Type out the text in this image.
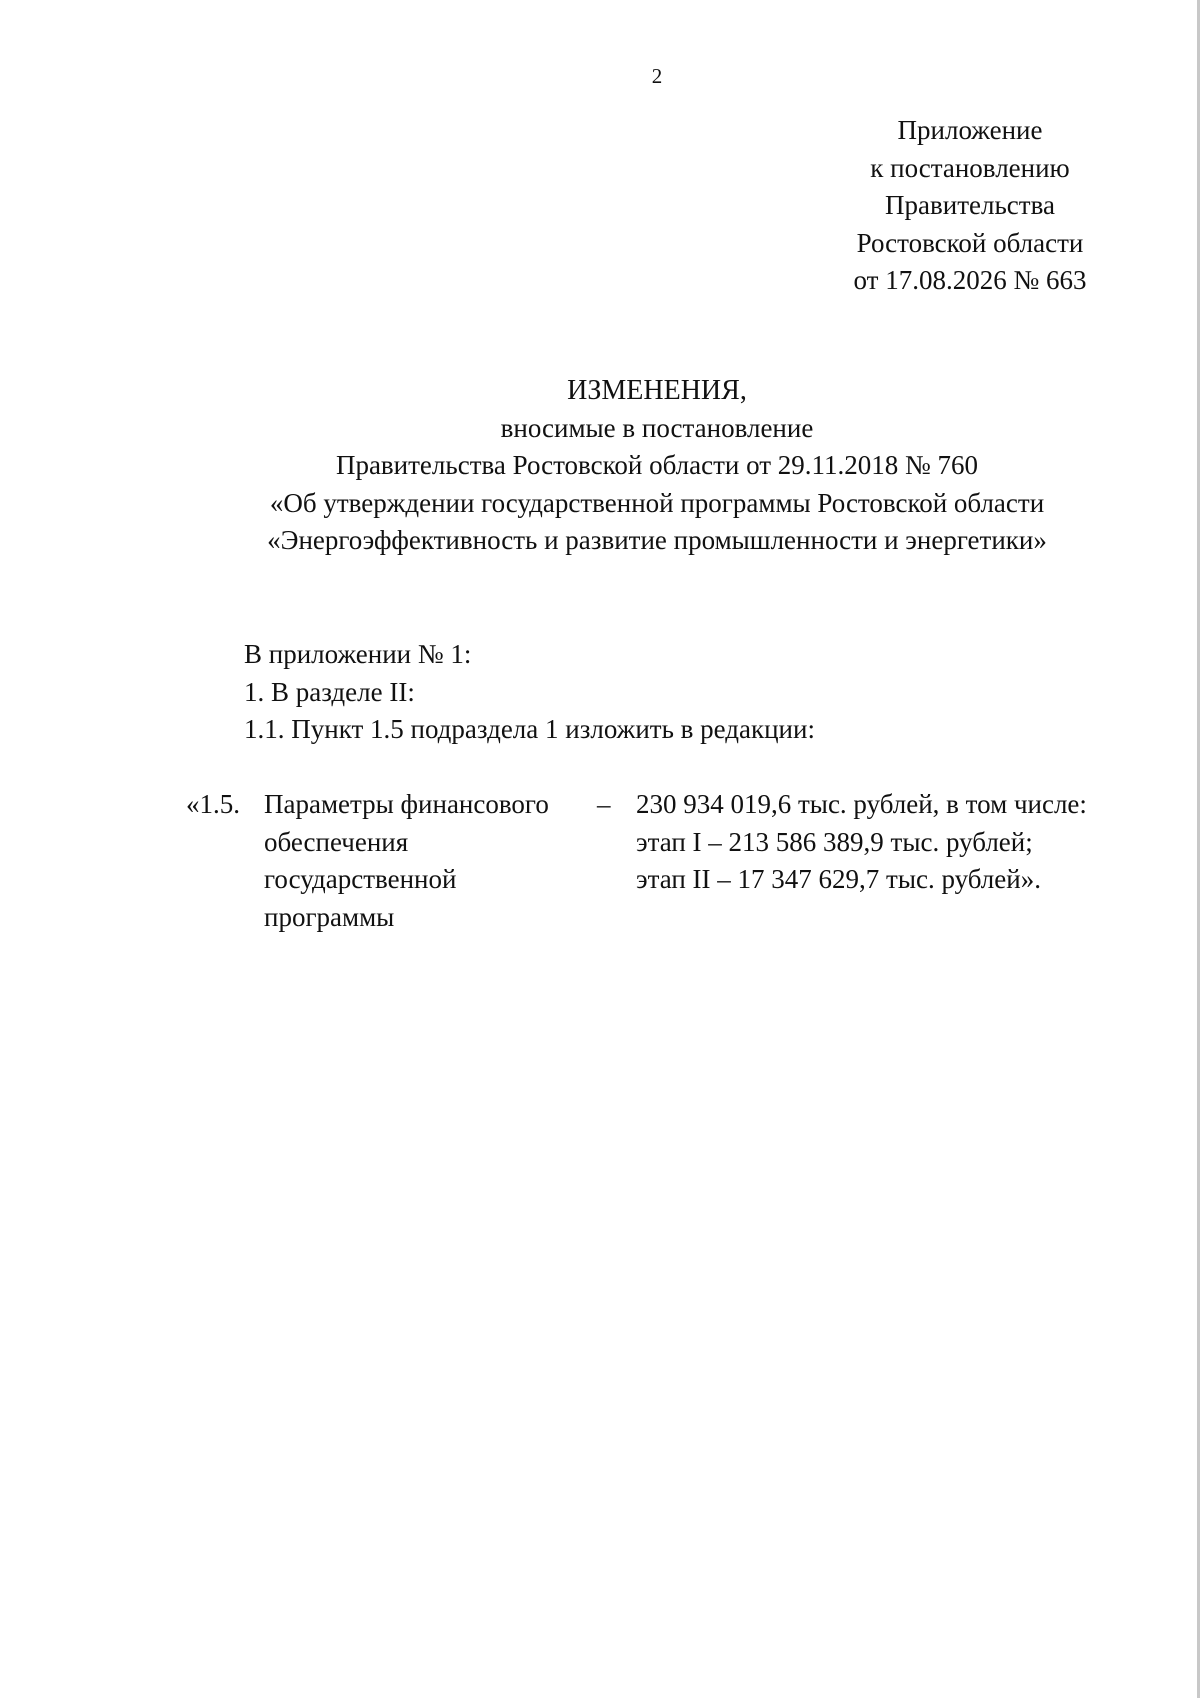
2
Приложение
к постановлению
Правительства
Ростовской области
от 17.08.2026 № 663
ИЗМЕНЕНИЯ,
вносимые в постановление
Правительства Ростовской области от 29.11.2018 № 760
«Об утверждении государственной программы Ростовской области
«Энергоэффективность и развитие промышленности и энергетики»
В приложении № 1:
1. В разделе II:
1.1. Пункт 1.5 подраздела 1 изложить в редакции:
«1.5. Параметры финансового
обеспечения
государственной
программы
– 230 934 019,6 тыс. рублей, в том числе:
этап I – 213 586 389,9 тыс. рублей;
этап II – 17 347 629,7 тыс. рублей».
